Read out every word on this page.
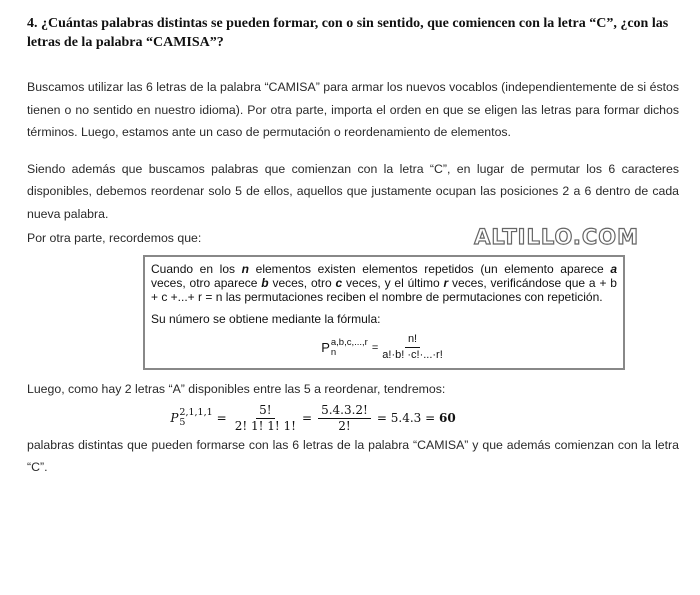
4. ¿Cuántas palabras distintas se pueden formar, con o sin sentido, que comiencen con la letra “C”, ¿con las letras de la palabra “CAMISA”?
Buscamos utilizar las 6 letras de la palabra “CAMISA” para armar los nuevos vocablos (independientemente de si éstos tienen o no sentido en nuestro idioma). Por otra parte, importa el orden en que se eligen las letras para formar dichos términos. Luego, estamos ante un caso de permutación o reordenamiento de elementos.
Siendo además que buscamos palabras que comienzan con la letra “C”, en lugar de permutar los 6 caracteres disponibles, debemos reordenar solo 5 de ellos, aquellos que justamente ocupan las posiciones 2 a 6 dentro de cada nueva palabra.
Por otra parte, recordemos que:	ALTILLO.COM

Cuando en los n elementos existen elementos repetidos (un elemento aparece a veces, otro aparece b veces, otro c veces, y el último r veces, verificándose que a + b + c +...+ r = n las permutaciones reciben el nombre de permutaciones con repetición.

Su número se obtiene mediante la fórmula:

P a,b,c,...,r
n	= $\frac{n!}{a!\cdot b! \cdot c!\cdot...\cdot r!}$
Luego, como hay 2 letras “A” disponibles entre las 5 a reordenar, tendremos:
P 2,1,1,1
5	= $\frac{5!}{2! 1! 1! 1!} = \frac{5.4.3.2!}{2!} = 5.4.3 = 60$
palabras distintas que pueden formarse con las 6 letras de la palabra “CAMISA” y que además comienzan con la letra “C”.
